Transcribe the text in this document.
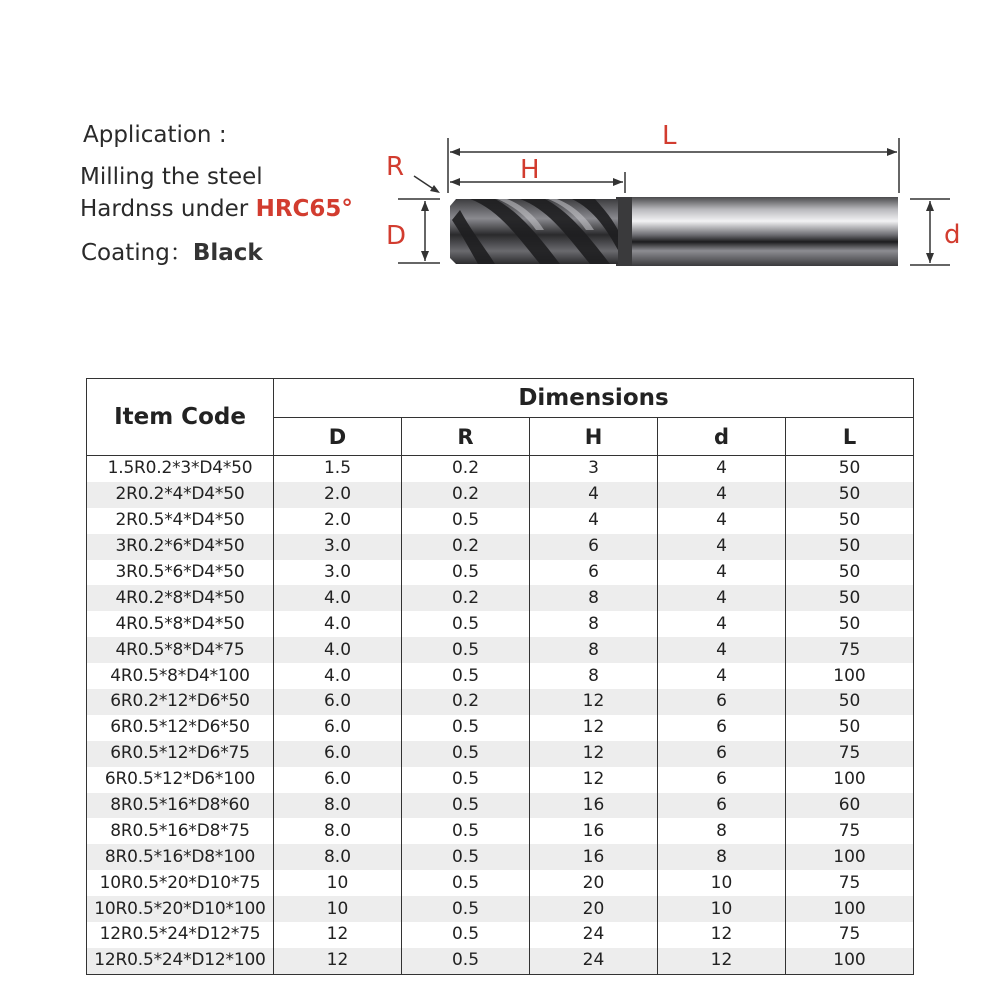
Application :
Milling the steel
Hardnss under HRC65°
Coating：Black
L
H
R
D	d
Item Code	Dimensions				
	D	R	H	d	L
1.5R0.2*3*D4*50	1.5	0.2	3	4	50
2R0.2*4*D4*50	2.0	0.2	4	4	50
2R0.5*4*D4*50	2.0	0.5	4	4	50
3R0.2*6*D4*50	3.0	0.2	6	4	50
3R0.5*6*D4*50	3.0	0.5	6	4	50
4R0.2*8*D4*50	4.0	0.2	8	4	50
4R0.5*8*D4*50	4.0	0.5	8	4	50
4R0.5*8*D4*75	4.0	0.5	8	4	75
4R0.5*8*D4*100	4.0	0.5	8	4	100
6R0.2*12*D6*50	6.0	0.2	12	6	50
6R0.5*12*D6*50	6.0	0.5	12	6	50
6R0.5*12*D6*75	6.0	0.5	12	6	75
6R0.5*12*D6*100	6.0	0.5	12	6	100
8R0.5*16*D8*60	8.0	0.5	16	6	60
8R0.5*16*D8*75	8.0	0.5	16	8	75
8R0.5*16*D8*100	8.0	0.5	16	8	100
10R0.5*20*D10*75	10	0.5	20	10	75
10R0.5*20*D10*100	10	0.5	20	10	100
12R0.5*24*D12*75	12	0.5	24	12	75
12R0.5*24*D12*100	12	0.5	24	12	100
